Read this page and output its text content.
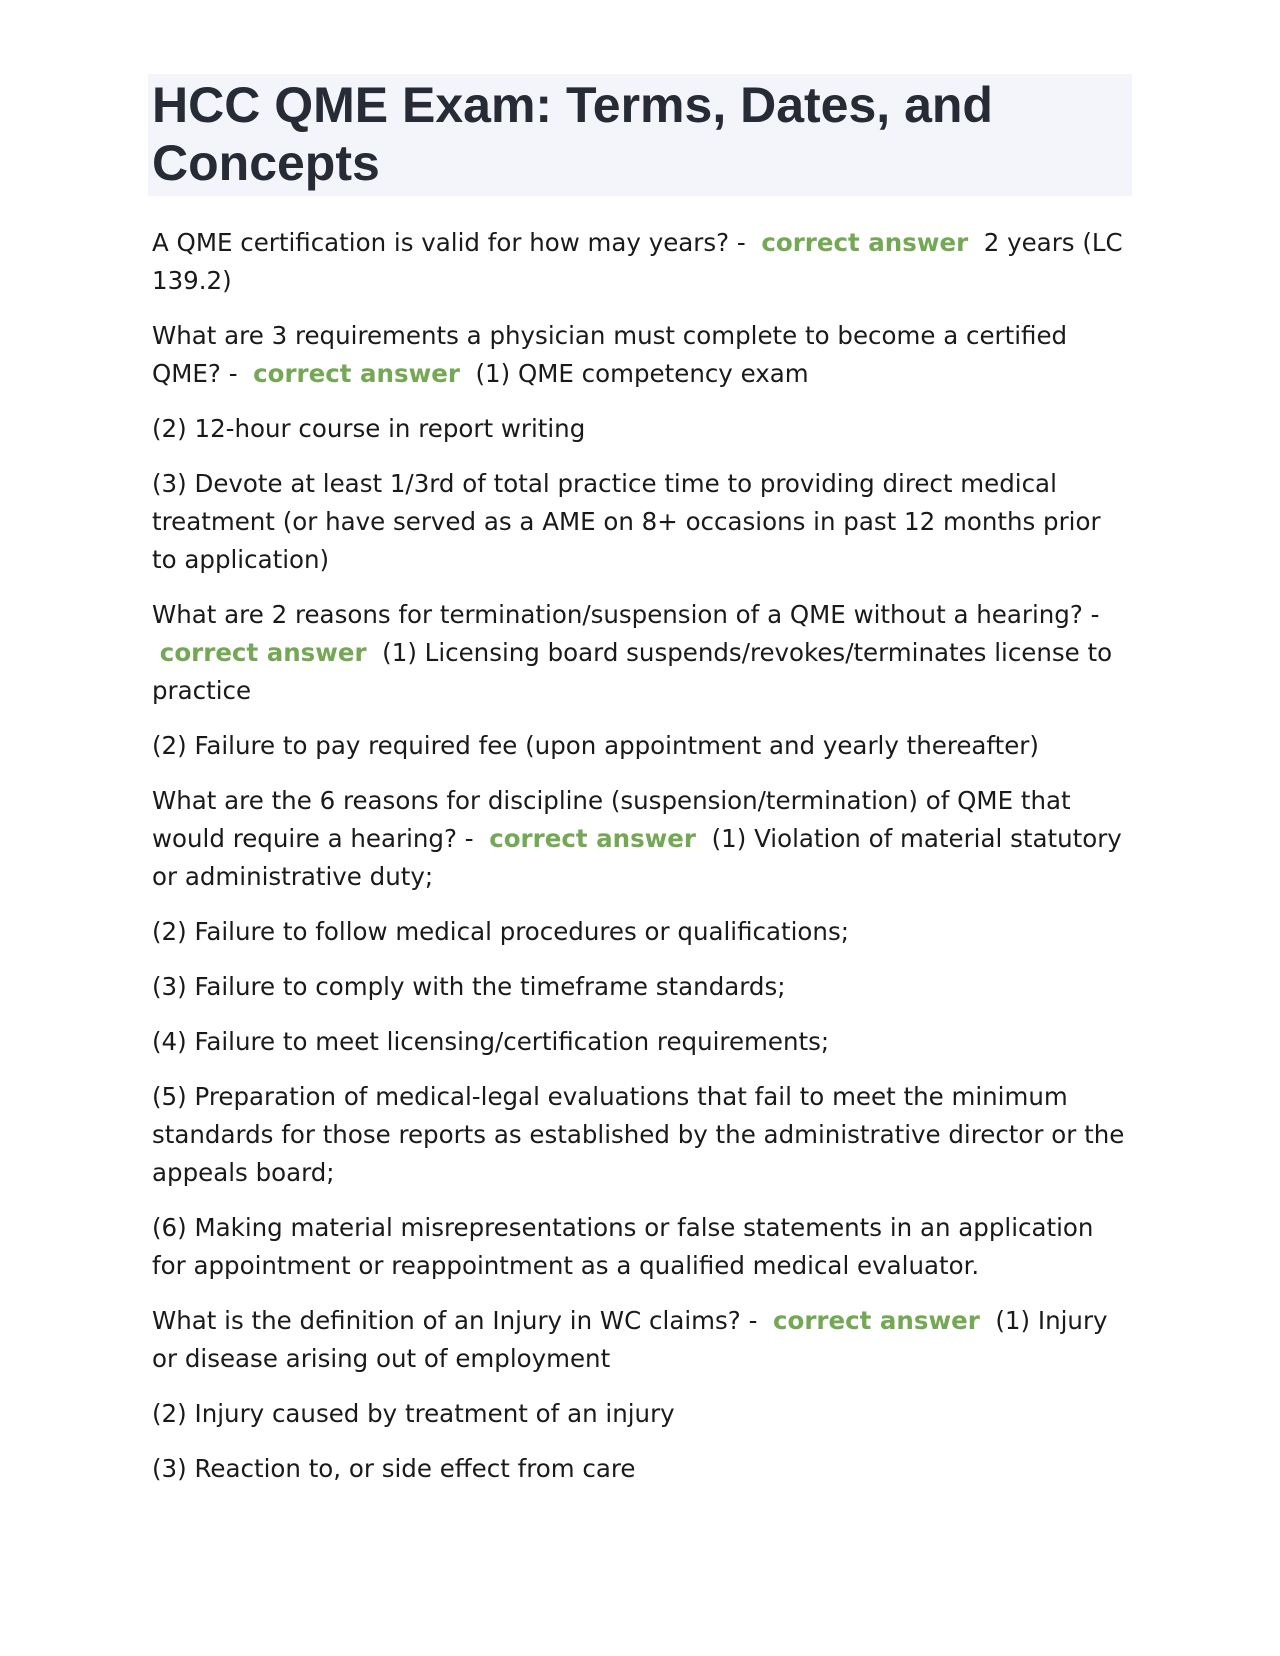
HCC QME Exam: Terms, Dates, and Concepts

A QME certification is valid for how may years? -  correct answer 2 years (LC 139.2)

What are 3 requirements a physician must complete to become a certified QME? -  correct answer (1) QME competency exam

(2) 12-hour course in report writing

(3) Devote at least 1/3rd of total practice time to providing direct medical treatment (or have served as a AME on 8+ occasions in past 12 months prior to application)

What are 2 reasons for termination/suspension of a QME without a hearing? -  correct answer (1) Licensing board suspends/revokes/terminates license to practice

(2) Failure to pay required fee (upon appointment and yearly thereafter)

What are the 6 reasons for discipline (suspension/termination) of QME that would require a hearing? -  correct answer (1) Violation of material statutory or administrative duty;

(2) Failure to follow medical procedures or qualifications;

(3) Failure to comply with the timeframe standards;

(4) Failure to meet licensing/certification requirements;

(5) Preparation of medical-legal evaluations that fail to meet the minimum standards for those reports as established by the administrative director or the appeals board;

(6) Making material misrepresentations or false statements in an application for appointment or reappointment as a qualified medical evaluator.

What is the definition of an Injury in WC claims? -  correct answer (1) Injury or disease arising out of employment

(2) Injury caused by treatment of an injury

(3) Reaction to, or side effect from care
